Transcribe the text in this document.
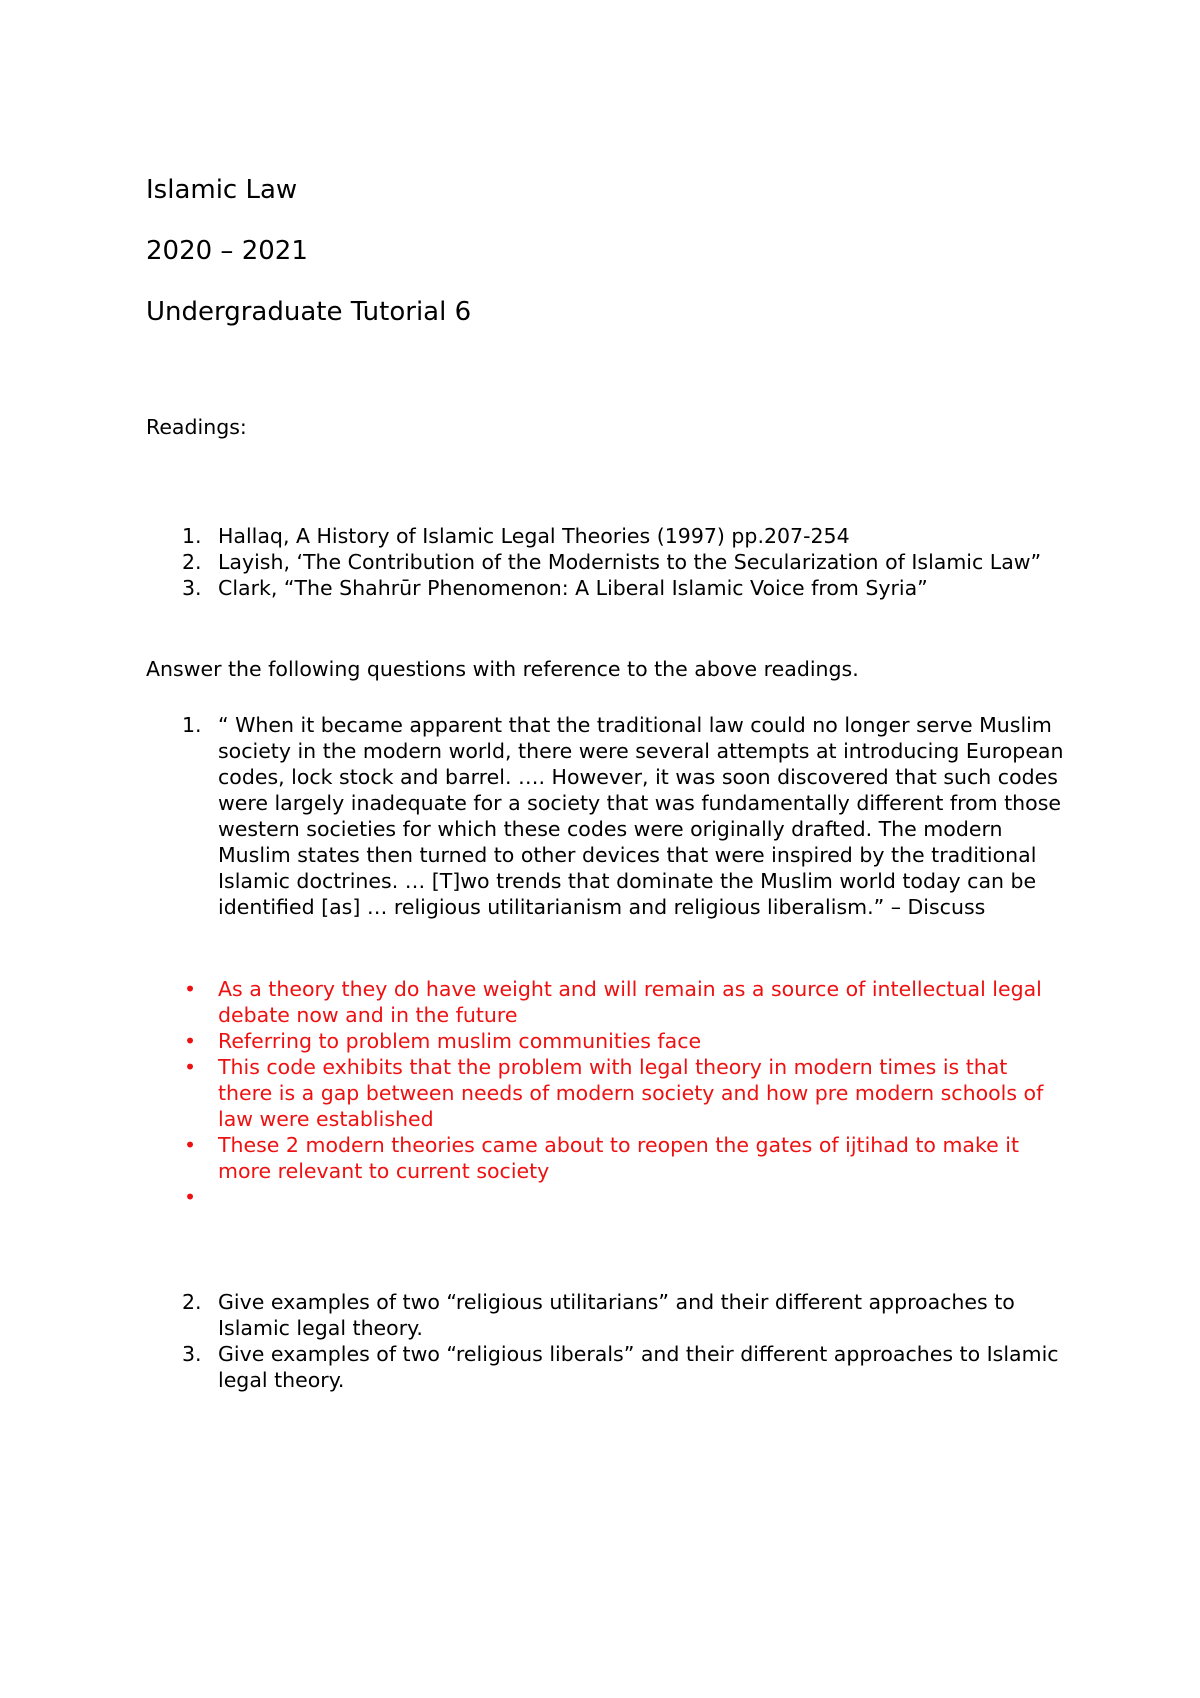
Islamic Law
2020 – 2021
Undergraduate Tutorial 6
Readings:
1. Hallaq, A History of Islamic Legal Theories (1997) pp.207-254
2. Layish, ‘The Contribution of the Modernists to the Secularization of Islamic Law”
3. Clark, “The Shahrūr Phenomenon: A Liberal Islamic Voice from Syria”
Answer the following questions with reference to the above readings.
1. “ When it became apparent that the traditional law could no longer serve Muslim society in the modern world, there were several attempts at introducing European codes, lock stock and barrel. …. However, it was soon discovered that such codes were largely inadequate for a society that was fundamentally different from those western societies for which these codes were originally drafted. The modern Muslim states then turned to other devices that were inspired by the traditional Islamic doctrines. … [T]wo trends that dominate the Muslim world today can be identified [as] … religious utilitarianism and religious liberalism.” – Discuss
• As a theory they do have weight and will remain as a source of intellectual legal debate now and in the future
• Referring to problem muslim communities face
• This code exhibits that the problem with legal theory in modern times is that there is a gap between needs of modern society and how pre modern schools of law were established
• These 2 modern theories came about to reopen the gates of ijtihad to make it more relevant to current society
•
2. Give examples of two “religious utilitarians” and their different approaches to Islamic legal theory.
3. Give examples of two “religious liberals” and their different approaches to Islamic legal theory.
